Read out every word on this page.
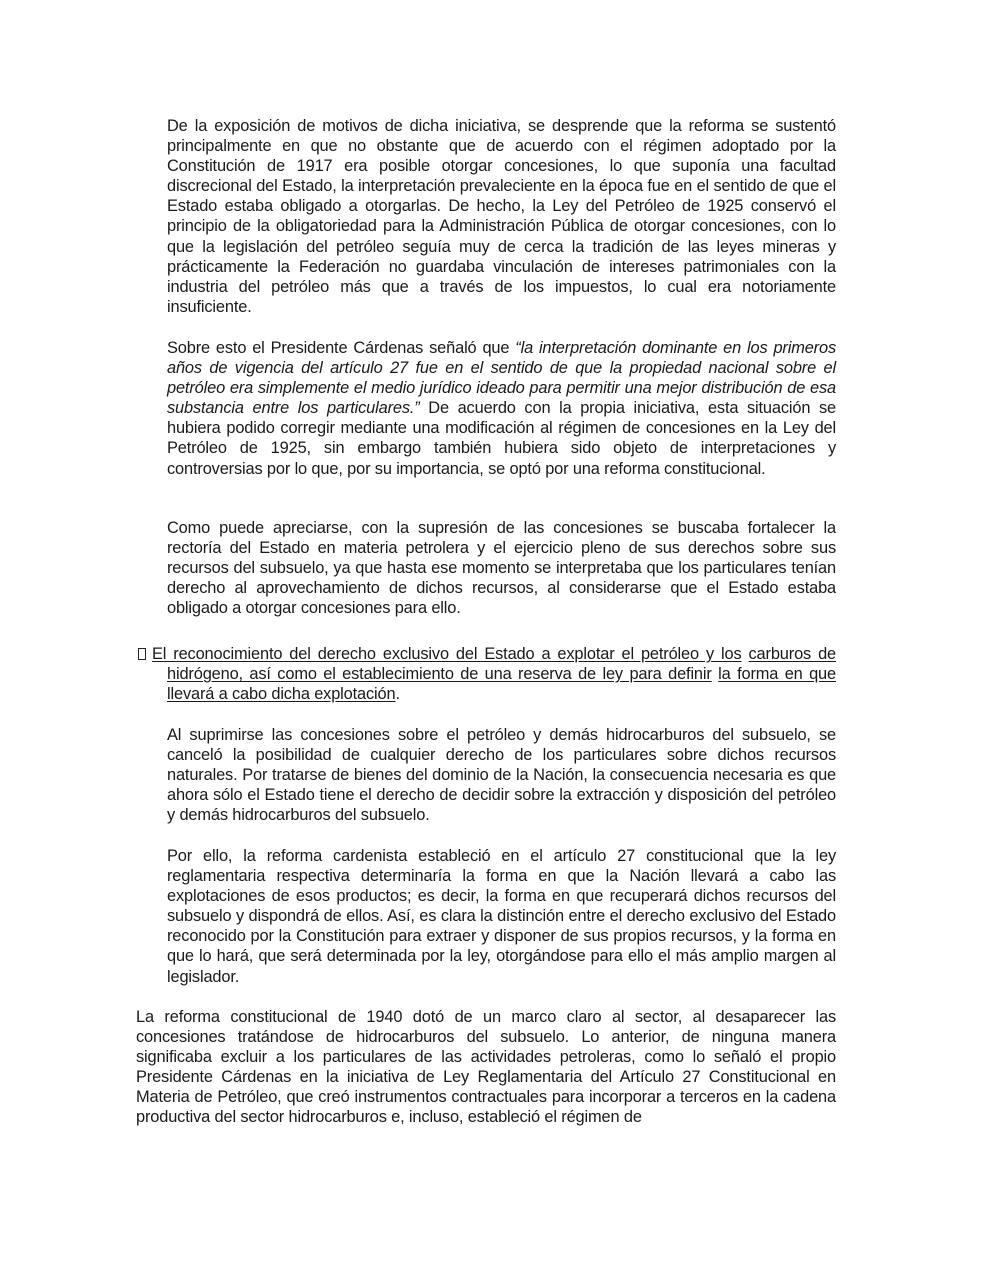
De la exposición de motivos de dicha iniciativa, se desprende que la reforma se sustentó principalmente en que no obstante que de acuerdo con el régimen adoptado por la Constitución de 1917 era posible otorgar concesiones, lo que suponía una facultad discrecional del Estado, la interpretación prevaleciente en la época fue en el sentido de que el Estado estaba obligado a otorgarlas. De hecho, la Ley del Petróleo de 1925 conservó el principio de la obligatoriedad para la Administración Pública de otorgar concesiones, con lo que la legislación del petróleo seguía muy de cerca la tradición de las leyes mineras y prácticamente la Federación no guardaba vinculación de intereses patrimoniales con la industria del petróleo más que a través de los impuestos, lo cual era notoriamente insuficiente.

Sobre esto el Presidente Cárdenas señaló que “la interpretación dominante en los primeros años de vigencia del artículo 27 fue en el sentido de que la propiedad nacional sobre el petróleo era simplemente el medio jurídico ideado para permitir una mejor distribución de esa substancia entre los particulares.” De acuerdo con la propia iniciativa, esta situación se hubiera podido corregir mediante una modificación al régimen de concesiones en la Ley del Petróleo de 1925, sin embargo también hubiera sido objeto de interpretaciones y controversias por lo que, por su importancia, se optó por una reforma constitucional.

Como puede apreciarse, con la supresión de las concesiones se buscaba fortalecer la rectoría del Estado en materia petrolera y el ejercicio pleno de sus derechos sobre sus recursos del subsuelo, ya que hasta ese momento se interpretaba que los particulares tenían derecho al aprovechamiento de dichos recursos, al considerarse que el Estado estaba obligado a otorgar concesiones para ello.

El reconocimiento del derecho exclusivo del Estado a explotar el petróleo y los carburos de hidrógeno, así como el establecimiento de una reserva de ley para definir la forma en que llevará a cabo dicha explotación.

Al suprimirse las concesiones sobre el petróleo y demás hidrocarburos del subsuelo, se canceló la posibilidad de cualquier derecho de los particulares sobre dichos recursos naturales. Por tratarse de bienes del dominio de la Nación, la consecuencia necesaria es que ahora sólo el Estado tiene el derecho de decidir sobre la extracción y disposición del petróleo y demás hidrocarburos del subsuelo.

Por ello, la reforma cardenista estableció en el artículo 27 constitucional que la ley reglamentaria respectiva determinaría la forma en que la Nación llevará a cabo las explotaciones de esos productos; es decir, la forma en que recuperará dichos recursos del subsuelo y dispondrá de ellos. Así, es clara la distinción entre el derecho exclusivo del Estado reconocido por la Constitución para extraer y disponer de sus propios recursos, y la forma en que lo hará, que será determinada por la ley, otorgándose para ello el más amplio margen al legislador.

La reforma constitucional de 1940 dotó de un marco claro al sector, al desaparecer las concesiones tratándose de hidrocarburos del subsuelo. Lo anterior, de ninguna manera significaba excluir a los particulares de las actividades petroleras, como lo señaló el propio Presidente Cárdenas en la iniciativa de Ley Reglamentaria del Artículo 27 Constitucional en Materia de Petróleo, que creó instrumentos contractuales para incorporar a terceros en la cadena productiva del sector hidrocarburos e, incluso, estableció el régimen de
